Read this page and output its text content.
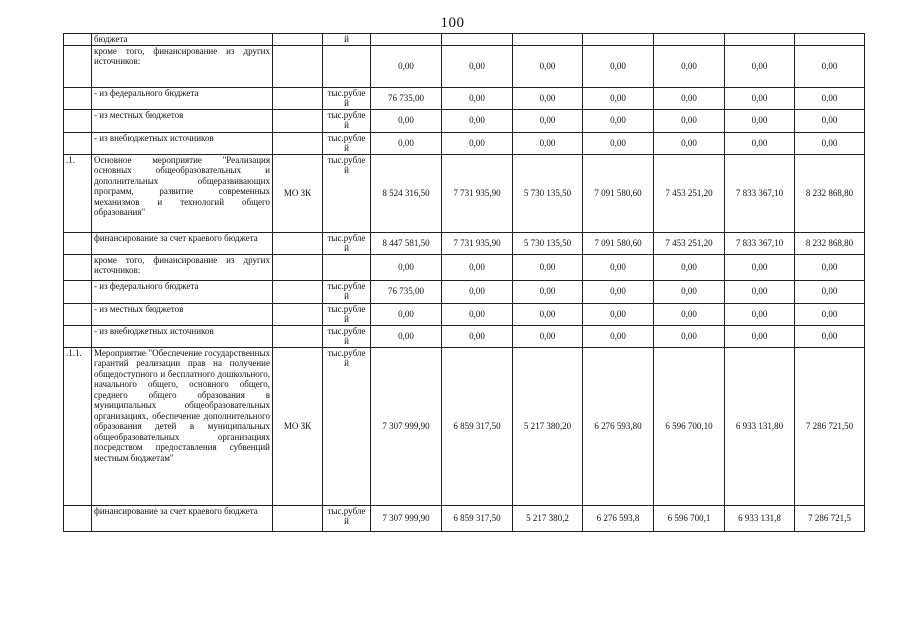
100
	бюджета		й							
	кроме того, финансирование из других источников:			0,00	0,00	0,00	0,00	0,00	0,00	0,00
	- из федерального бюджета		тыс.рубле й	76 735,00	0,00	0,00	0,00	0,00	0,00	0,00
	- из местных бюджетов		тыс.рубле й	0,00	0,00	0,00	0,00	0,00	0,00	0,00
	- из внебюджетных источников		тыс.рубле й	0,00	0,00	0,00	0,00	0,00	0,00	0,00
.1.	Основное мероприятие "Реализация основных общеобразовательных и дополнительных общеразвивающих программ, развитие современных механизмов и технологий общего образования"	МО ЗК	тыс.рубле й	8 524 316,50	7 731 935,90	5 730 135,50	7 091 580,60	7 453 251,20	7 833 367,10	8 232 868,80
	финансирование за счет краевого бюджета		тыс.рубле й	8 447 581,50	7 731 935,90	5 730 135,50	7 091 580,60	7 453 251,20	7 833 367,10	8 232 868,80
	кроме того, финансирование из других источников:			0,00	0,00	0,00	0,00	0,00	0,00	0,00
	- из федерального бюджета		тыс.рубле й	76 735,00	0,00	0,00	0,00	0,00	0,00	0,00
	- из местных бюджетов		тыс.рубле й	0,00	0,00	0,00	0,00	0,00	0,00	0,00
	- из внебюджетных источников		тыс.рубле й	0,00	0,00	0,00	0,00	0,00	0,00	0,00
.1.1.	Мероприятие "Обеспечение государственных гарантий реализации прав на получение общедоступного и бесплатного дошкольного, начального общего, основного общего, среднего общего образования в муниципальных общеобразовательных организациях, обеспечение дополнительного образования детей в муниципальных общеобразовательных организациях посредством предоставления субвенций местным бюджетам"	МО ЗК	тыс.рубле й	7 307 999,90	6 859 317,50	5 217 380,20	6 276 593,80	6 596 700,10	6 933 131,80	7 286 721,50
	финансирование за счет краевого бюджета		тыс.рубле й	7 307 999,90	6 859 317,50	5 217 380,2	6 276 593,8	6 596 700,1	6 933 131,8	7 286 721,5
